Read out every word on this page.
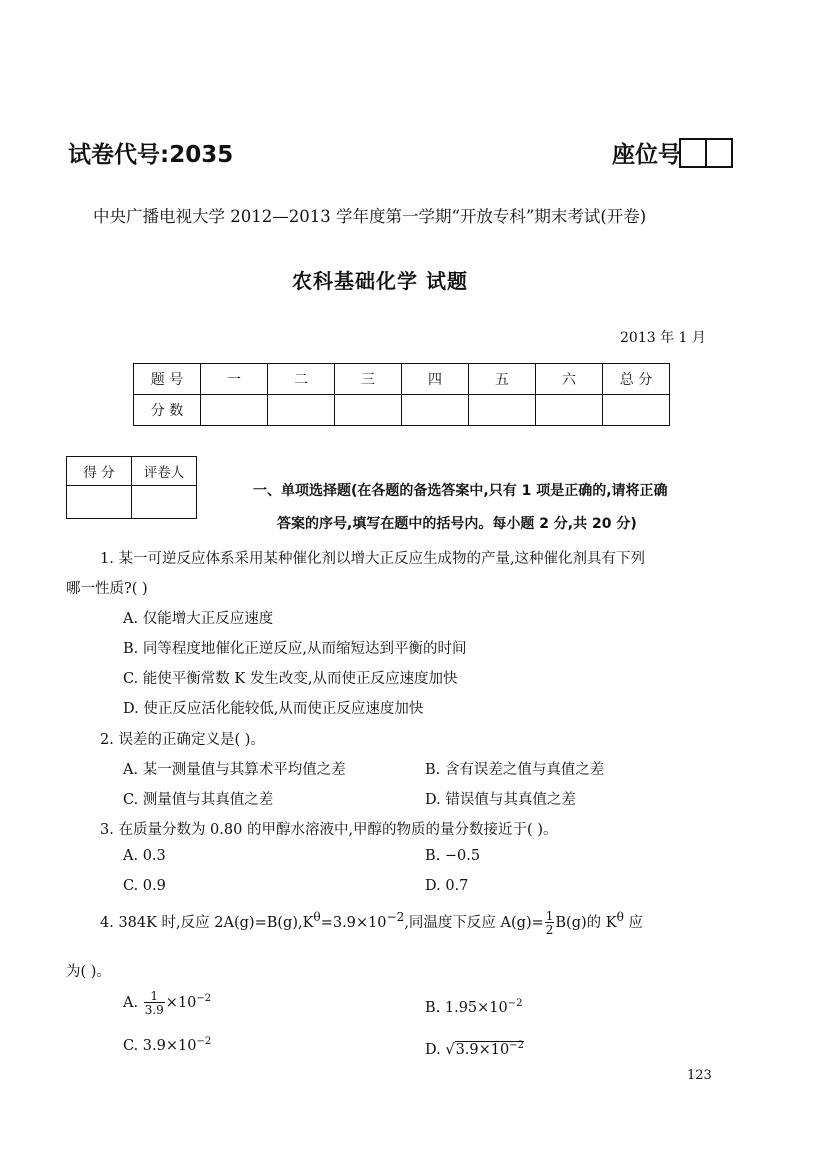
试卷代号:2035	座位号
中央广播电视大学 2012—2013 学年度第一学期“开放专科”期末考试(开卷)
农科基础化学 试题
2013 年 1 月
题 号	一	二	三	四	五	六	总 分
分 数							
得 分	评卷人

一、单项选择题(在各题的备选答案中,只有 1 项是正确的,请将正确
答案的序号,填写在题中的括号内。每小题 2 分,共 20 分)
1. 某一可逆反应体系采用某种催化剂以增大正反应生成物的产量,这种催化剂具有下列
哪一性质?( )
A. 仅能增大正反应速度
B. 同等程度地催化正逆反应,从而缩短达到平衡的时间
C. 能使平衡常数 K 发生改变,从而使正反应速度加快
D. 使正反应活化能较低,从而使正反应速度加快
2. 误差的正确定义是( )。
A. 某一测量值与其算术平均值之差	B. 含有误差之值与真值之差
C. 测量值与其真值之差	D. 错误值与其真值之差
3. 在质量分数为 0.80 的甲醇水溶液中,甲醇的物质的量分数接近于( )。
A. 0.3	B. −0.5
C. 0.9	D. 0.7
4. 384K 时,反应 $2A(g)=B(g),K^\theta=3.9\times 10^{-2}$,同温度下反应 $A(g)= \frac{1}{2} B(g)$的 $K^\theta$ 应
为( )。
A. $\frac{1}{3.9} \times 10^{-2}$
B. $1.95\times 10^{-2}$
C. $3.9\times 10^{-2}$
D. $√3.9\times 10^{-2}$
123
